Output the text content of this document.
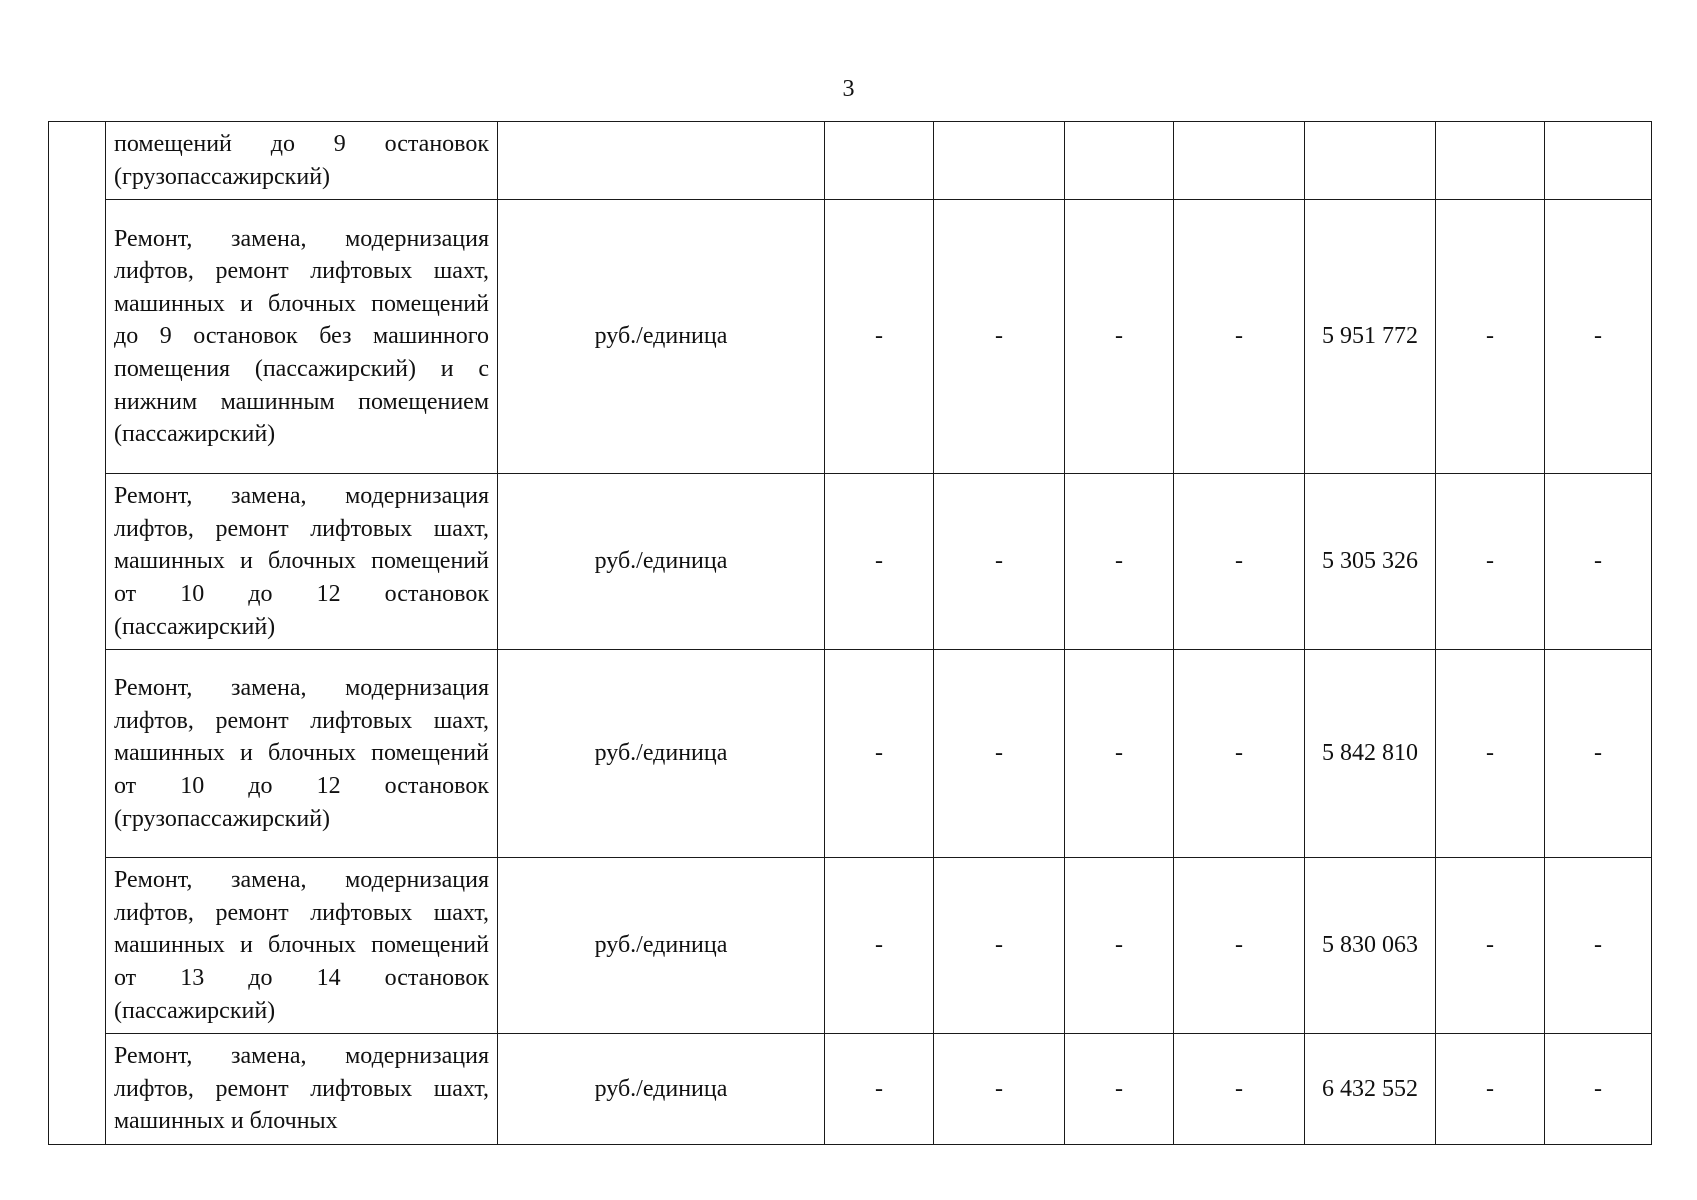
3

	помещений до 9 остановок (грузопассажирский)								

	Ремонт, замена, модернизация лифтов, ремонт лифтовых шахт, машинных и блочных помещений до 9 остановок без машинного помещения (пассажирский) и с нижним машинным помещением (пассажирский)	руб./единица	-	-	-	-	5 951 772	-	-

	Ремонт, замена, модернизация лифтов, ремонт лифтовых шахт, машинных и блочных помещений от 10 до 12 остановок (пассажирский)	руб./единица	-	-	-	-	5 305 326	-	-

	Ремонт, замена, модернизация лифтов, ремонт лифтовых шахт, машинных и блочных помещений от 10 до 12 остановок (грузопассажирский)	руб./единица	-	-	-	-	5 842 810	-	-

	Ремонт, замена, модернизация лифтов, ремонт лифтовых шахт, машинных и блочных помещений от 13 до 14 остановок (пассажирский)	руб./единица	-	-	-	-	5 830 063	-	-

	Ремонт, замена, модернизация лифтов, ремонт лифтовых шахт, машинных и блочных	руб./единица	-	-	-	-	6 432 552	-	-
